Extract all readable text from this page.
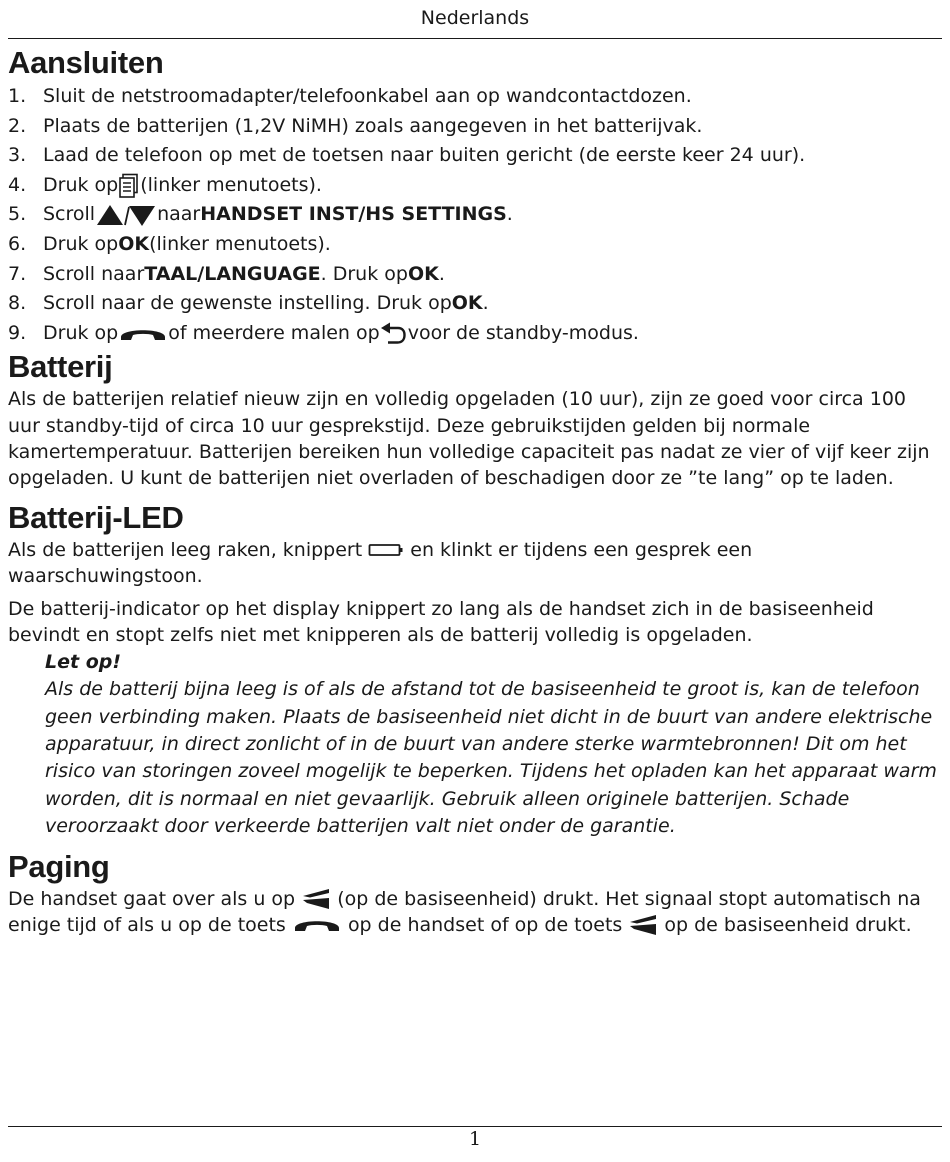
Nederlands
Aansluiten
1. Sluit de netstroomadapter/telefoonkabel aan op wandcontactdozen.
2. Plaats de batterijen (1,2V NiMH) zoals aangegeven in het batterijvak.
3. Laad de telefoon op met de toetsen naar buiten gericht (de eerste keer 24 uur).
4. Druk op (linker menutoets).
5. Scroll	naar HANDSET INST/HS SETTINGS .
6. Druk op OK (linker menutoets).
7. Scroll naar TAAL/LANGUAGE . Druk op OK .
8. Scroll naar de gewenste instelling. Druk op OK .
9. Druk op	of meerdere malen op voor de standby-modus.
Batterij

Als de batterijen relatief nieuw zijn en volledig opgeladen (10 uur), zijn ze goed voor circa 100 uur standby-tijd of circa 10 uur gesprekstijd. Deze gebruikstijden gelden bij normale kamertemperatuur. Batterijen bereiken hun volledige capaciteit pas nadat ze vier of vijf keer zijn opgeladen. U kunt de batterijen niet overladen of beschadigen door ze ”te lang” op te laden.

Batterij-LED

Als de batterijen leeg raken, knippert	en klinkt er tijdens een gesprek een waarschuwingstoon.

De batterij-indicator op het display knippert zo lang als de handset zich in de basiseenheid bevindt en stopt zelfs niet met knipperen als de batterij volledig is opgeladen.

Let op!
Als de batterij bijna leeg is of als de afstand tot de basiseenheid te groot is, kan de telefoon geen verbinding maken. Plaats de basiseenheid niet dicht in de buurt van andere elektrische apparatuur, in direct zonlicht of in de buurt van andere sterke warmtebronnen! Dit om het risico van storingen zoveel mogelijk te beperken. Tijdens het opladen kan het apparaat warm worden, dit is normaal en niet gevaarlijk. Gebruik alleen originele batterijen. Schade veroorzaakt door verkeerde batterijen valt niet onder de garantie.
Paging

De handset gaat over als u op (op de basiseenheid) drukt. Het signaal stopt automatisch na enige tijd of als u op de toets	op de handset of op de toets op de basiseenheid drukt.

1
